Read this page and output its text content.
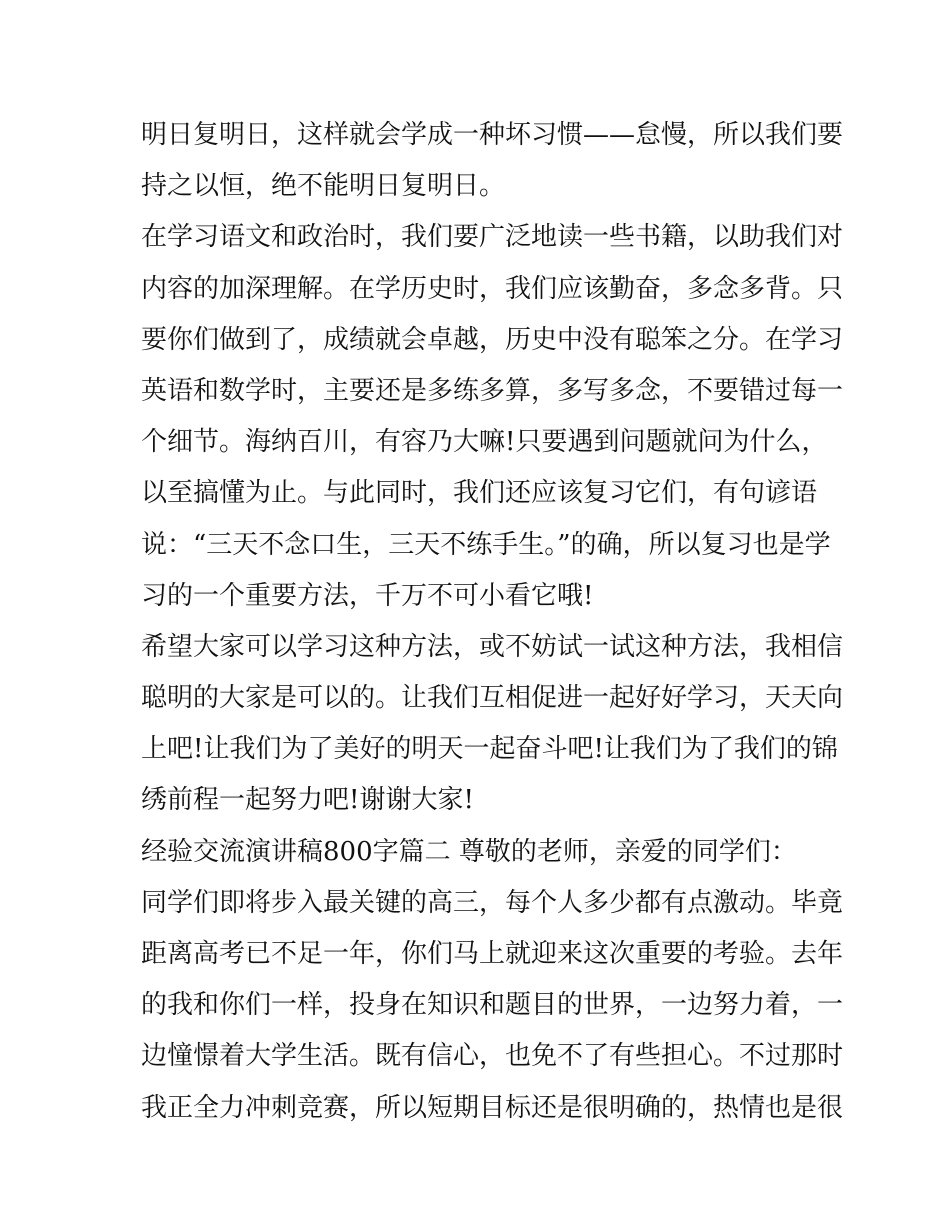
明日复明日，这样就会学成一种坏习惯——怠慢，所以我们要
持之以恒，绝不能明日复明日。
在学习语文和政治时，我们要广泛地读一些书籍，以助我们对
内容的加深理解。在学历史时，我们应该勤奋，多念多背。只
要你们做到了，成绩就会卓越，历史中没有聪笨之分。在学习
英语和数学时，主要还是多练多算，多写多念，不要错过每一
个细节。海纳百川，有容乃大嘛!只要遇到问题就问为什么，
以至搞懂为止。与此同时，我们还应该复习它们，有句谚语
说：“三天不念口生，三天不练手生。”的确，所以复习也是学
习的一个重要方法，千万不可小看它哦!
希望大家可以学习这种方法，或不妨试一试这种方法，我相信
聪明的大家是可以的。让我们互相促进一起好好学习，天天向
上吧!让我们为了美好的明天一起奋斗吧!让我们为了我们的锦
绣前程一起努力吧!谢谢大家!
经验交流演讲稿800字篇二 尊敬的老师，亲爱的同学们：
同学们即将步入最关键的高三，每个人多少都有点激动。毕竟
距离高考已不足一年，你们马上就迎来这次重要的考验。去年
的我和你们一样，投身在知识和题目的世界，一边努力着，一
边憧憬着大学生活。既有信心，也免不了有些担心。不过那时
我正全力冲刺竞赛，所以短期目标还是很明确的，热情也是很
